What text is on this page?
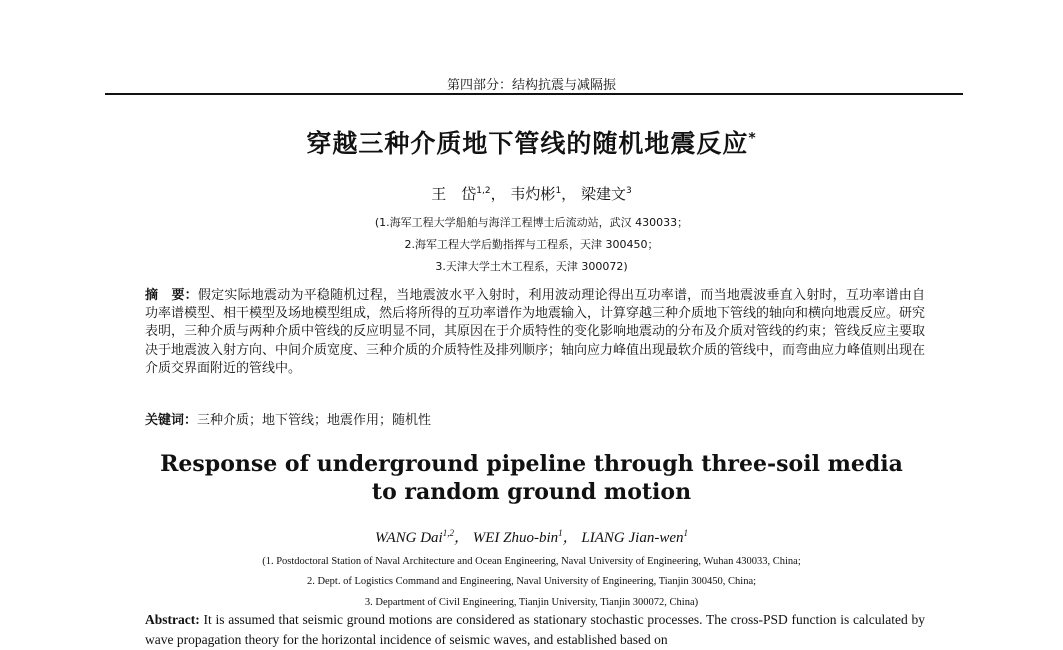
第四部分：结构抗震与减隔振
穿越三种介质地下管线的随机地震反应*
王　岱$^{1,2}$， 韦灼彬$^1$， 梁建文$^3$
(1.海军工程大学船舶与海洋工程博士后流动站，武汉 430033；
2.海军工程大学后勤指挥与工程系，天津 300450；
3.天津大学土木工程系，天津 300072)
摘　要：假定实际地震动为平稳随机过程，当地震波水平入射时，利用波动理论得出互功率谱，而当地震波垂直入射时，互功率谱由自功率谱模型、相干模型及场地模型组成，然后将所得的互功率谱作为地震输入，计算穿越三种介质地下管线的轴向和横向地震反应。研究表明，三种介质与两种介质中管线的反应明显不同，其原因在于介质特性的变化影响地震动的分布及介质对管线的约束；管线反应主要取决于地震波入射方向、中间介质宽度、三种介质的介质特性及排列顺序；轴向应力峰值出现最软介质的管线中，而弯曲应力峰值则出现在介质交界面附近的管线中。
关键词：三种介质；地下管线；地震作用；随机性
Response of underground pipeline through three-soil media
to random ground motion
WANG Dai$^{1,2}$， WEI Zhuo-bin$^1$， LIANG Jian-wen$^1$
(1. Postdoctoral Station of Naval Architecture and Ocean Engineering, Naval University of Engineering, Wuhan 430033, China;
2. Dept. of Logistics Command and Engineering, Naval University of Engineering, Tianjin 300450, China;
3. Department of Civil Engineering, Tianjin University, Tianjin 300072, China)
Abstract: It is assumed that seismic ground motions are considered as stationary stochastic processes. The cross-PSD function is calculated by wave propagation theory for the horizontal incidence of seismic waves, and established based on
